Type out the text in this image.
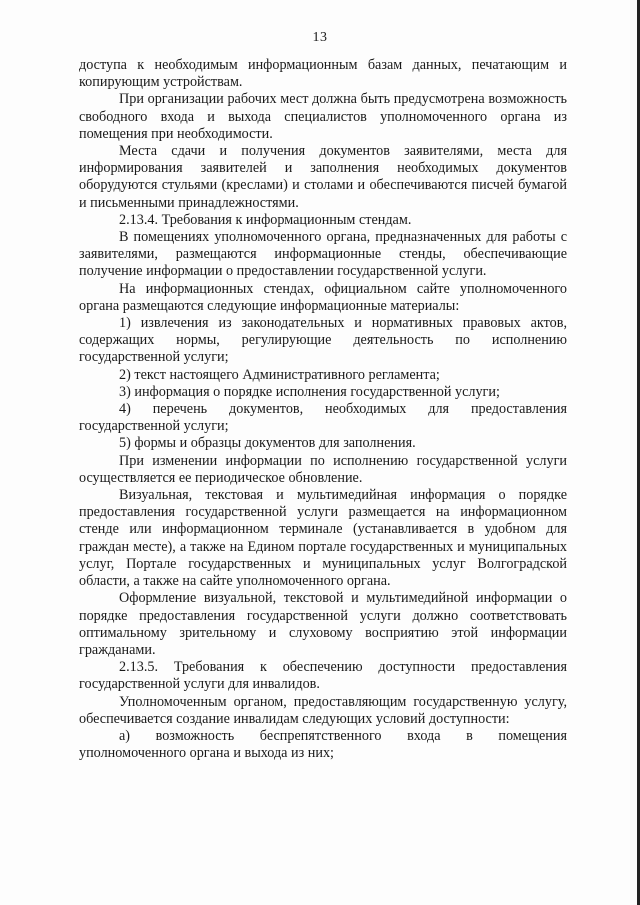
13

доступа к необходимым информационным базам данных, печатающим и копирующим устройствам.

При организации рабочих мест должна быть предусмотрена возможность свободного входа и выхода специалистов уполномоченного органа из помещения при необходимости.

Места сдачи и получения документов заявителями, места для информирования заявителей и заполнения необходимых документов оборудуются стульями (креслами) и столами и обеспечиваются писчей бумагой и письменными принадлежностями.

2.13.4. Требования к информационным стендам.

В помещениях уполномоченного органа, предназначенных для работы с заявителями, размещаются информационные стенды, обеспечивающие получение информации о предоставлении государственной услуги.

На информационных стендах, официальном сайте уполномоченного органа размещаются следующие информационные материалы:

1) извлечения из законодательных и нормативных правовых актов, содержащих нормы, регулирующие деятельность по исполнению государственной услуги;

2) текст настоящего Административного регламента;

3) информация о порядке исполнения государственной услуги;

4) перечень документов, необходимых для предоставления государственной услуги;

5) формы и образцы документов для заполнения.

При изменении информации по исполнению государственной услуги осуществляется ее периодическое обновление.

Визуальная, текстовая и мультимедийная информация о порядке предоставления государственной услуги размещается на информационном стенде или информационном терминале (устанавливается в удобном для граждан месте), а также на Едином портале государственных и муниципальных услуг, Портале государственных и муниципальных услуг Волгоградской области, а также на сайте уполномоченного органа.

Оформление визуальной, текстовой и мультимедийной информации о порядке предоставления государственной услуги должно соответствовать оптимальному зрительному и слуховому восприятию этой информации гражданами.

2.13.5. Требования к обеспечению доступности предоставления государственной услуги для инвалидов.

Уполномоченным органом, предоставляющим государственную услугу, обеспечивается создание инвалидам следующих условий доступности:

а) возможность беспрепятственного входа в помещения уполномоченного органа и выхода из них;
